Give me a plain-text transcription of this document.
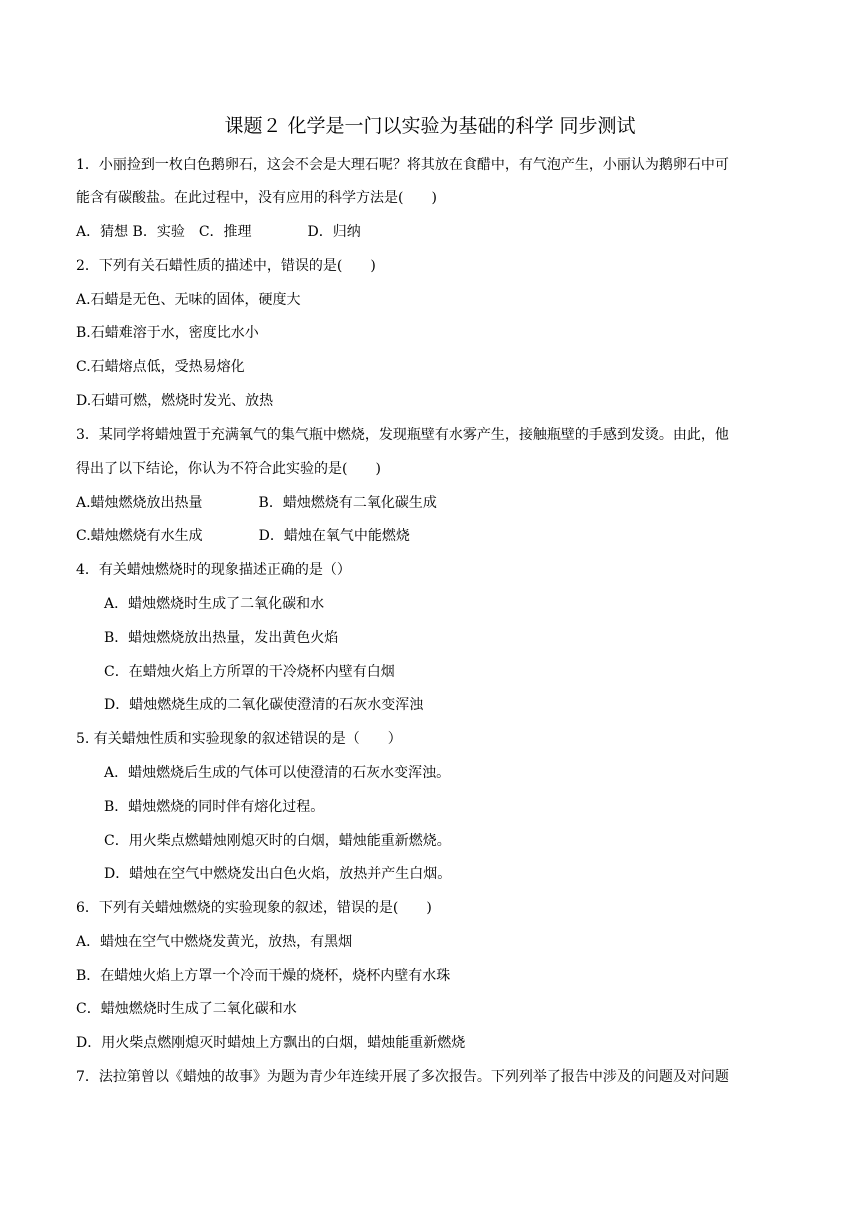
课题２ 化学是一门以实验为基础的科学 同步测试
1．小丽捡到一枚白色鹅卵石，这会不会是大理石呢？将其放在食醋中，有气泡产生，小丽认为鹅卵石中可
能含有碳酸盐。在此过程中，没有应用的科学方法是(　　)
A．猜想 B．实验　C．推理　　　　D．归纳
2．下列有关石蜡性质的描述中，错误的是(　　)
A.石蜡是无色、无味的固体，硬度大
B.石蜡难溶于水，密度比水小
C.石蜡熔点低，受热易熔化
D.石蜡可燃，燃烧时发光、放热
3．某同学将蜡烛置于充满氧气的集气瓶中燃烧，发现瓶壁有水雾产生，接触瓶壁的手感到发烫。由此，他
得出了以下结论，你认为不符合此实验的是(　　)
A.蜡烛燃烧放出热量　　　　B．蜡烛燃烧有二氧化碳生成
C.蜡烛燃烧有水生成　　　　D．蜡烛在氧气中能燃烧
4．有关蜡烛燃烧时的现象描述正确的是（）
A．蜡烛燃烧时生成了二氧化碳和水
B．蜡烛燃烧放出热量，发出黄色火焰
C．在蜡烛火焰上方所罩的干冷烧杯内壁有白烟
D．蜡烛燃烧生成的二氧化碳使澄清的石灰水变浑浊
5. 有关蜡烛性质和实验现象的叙述错误的是（　　）
A．蜡烛燃烧后生成的气体可以使澄清的石灰水变浑浊。
B．蜡烛燃烧的同时伴有熔化过程。
C．用火柴点燃蜡烛刚熄灭时的白烟，蜡烛能重新燃烧。
D．蜡烛在空气中燃烧发出白色火焰，放热并产生白烟。
6．下列有关蜡烛燃烧的实验现象的叙述，错误的是(　　)
A．蜡烛在空气中燃烧发黄光，放热，有黑烟
B．在蜡烛火焰上方罩一个冷而干燥的烧杯，烧杯内壁有水珠
C．蜡烛燃烧时生成了二氧化碳和水
D．用火柴点燃刚熄灭时蜡烛上方飘出的白烟，蜡烛能重新燃烧
7．法拉第曾以《蜡烛的故事》为题为青少年连续开展了多次报告。下列列举了报告中涉及的问题及对问题
